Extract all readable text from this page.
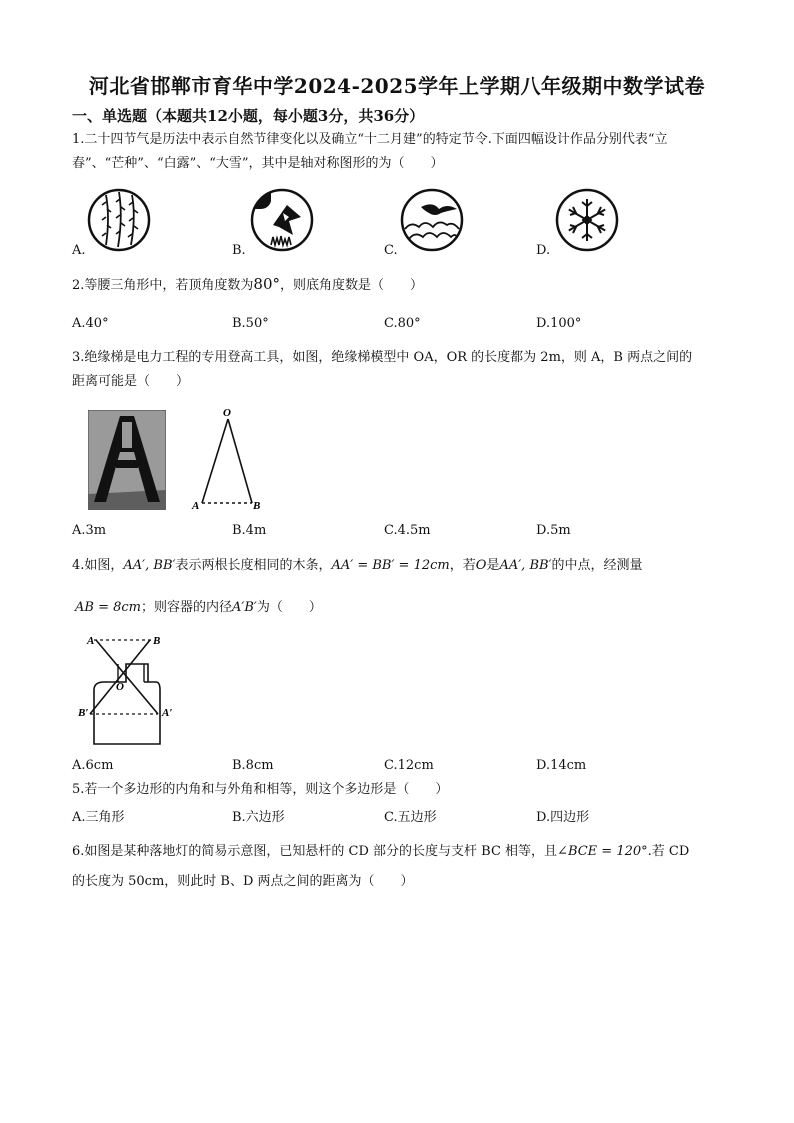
河北省邯郸市育华中学2024-2025学年上学期八年级期中数学试卷
一、单选题（本题共12小题，每小题3分，共36分）
1.二十四节气是历法中表示自然节律变化以及确立“十二月建”的特定节令.下面四幅设计作品分别代表“立
春”、“芒种”、“白露”、“大雪”，其中是轴对称图形的为（　　）
A.	B.	C.	D.
2.等腰三角形中，若顶角度数为80°，则底角度数是（　　）
A.40°	B.50°	C.80°	D.100°
3.绝缘梯是电力工程的专用登高工具，如图，绝缘梯模型中 OA，OR 的长度都为 2m，则 A，B 两点之间的
距离可能是（　　）
O
A	B
A.3m	B.4m	C.4.5m	D.5m
4.如图，AA′, BB′表示两根长度相同的木条，AA′ = BB′ = 12cm，若O是AA′, BB′的中点，经测量
AB = 8cm；则容器的内径A′B′为（　　）
A	B
O
B′	A′
A.6cm	B.8cm	C.12cm	D.14cm
5.若一个多边形的内角和与外角和相等，则这个多边形是（　　）
A.三角形	B.六边形	C.五边形	D.四边形
6.如图是某种落地灯的简易示意图，已知悬杆的 CD 部分的长度与支杆 BC 相等，且∠BCE = 120°.若 CD
的长度为 50cm，则此时 B、D 两点之间的距离为（　　）
